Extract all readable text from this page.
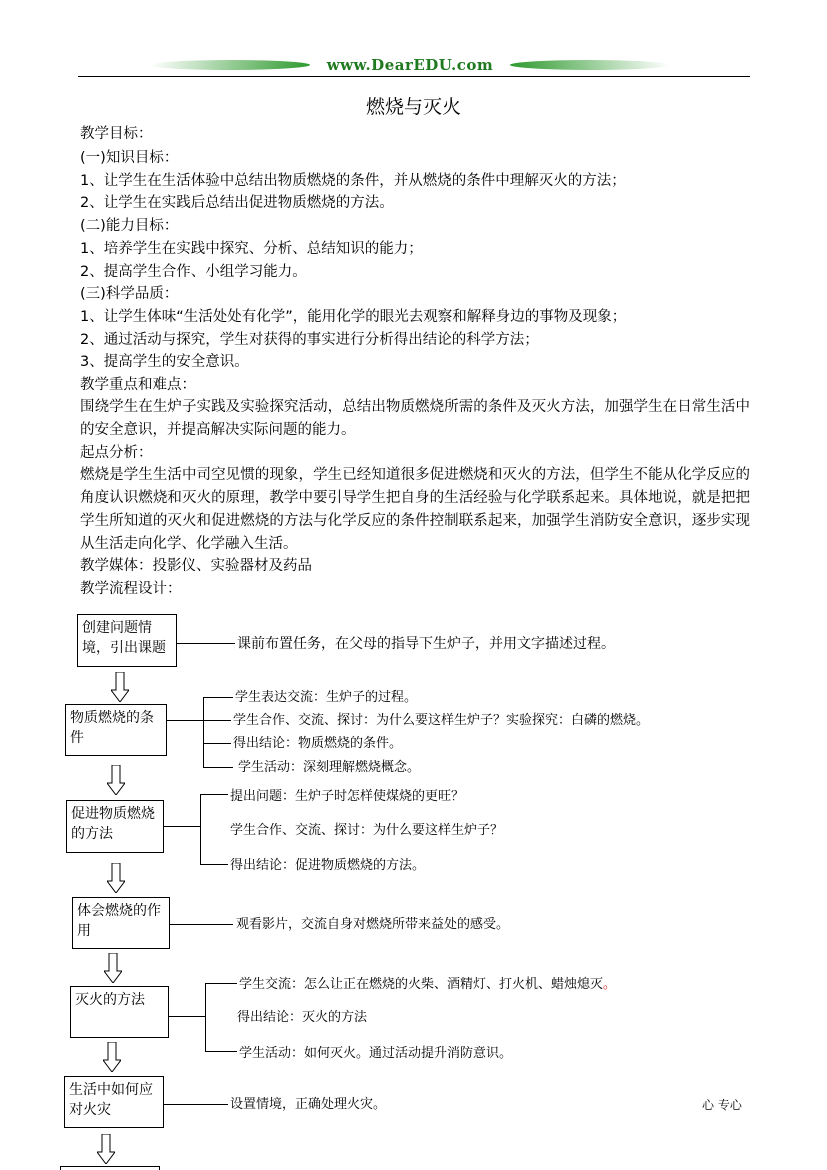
www.DearEDU.com
燃烧与灭火
教学目标：
(一)知识目标：
1、让学生在生活体验中总结出物质燃烧的条件，并从燃烧的条件中理解灭火的方法；
2、让学生在实践后总结出促进物质燃烧的方法。
(二)能力目标：
1、培养学生在实践中探究、分析、总结知识的能力；
2、提高学生合作、小组学习能力。
(三)科学品质：
1、让学生体味“生活处处有化学”，能用化学的眼光去观察和解释身边的事物及现象；
2、通过活动与探究，学生对获得的事实进行分析得出结论的科学方法；
3、提高学生的安全意识。
教学重点和难点：
围绕学生在生炉子实践及实验探究活动，总结出物质燃烧所需的条件及灭火方法，加强学生在日常生活中的安全意识，并提高解决实际问题的能力。
起点分析：
燃烧是学生生活中司空见惯的现象，学生已经知道很多促进燃烧和灭火的方法，但学生不能从化学反应的角度认识燃烧和灭火的原理，教学中要引导学生把自身的生活经验与化学联系起来。具体地说，就是把把学生所知道的灭火和促进燃烧的方法与化学反应的条件控制联系起来，加强学生消防安全意识，逐步实现从生活走向化学、化学融入生活。
教学媒体：投影仪、实验器材及药品
教学流程设计：
创建问题情境，引出课题	课前布置任务，在父母的指导下生炉子，并用文字描述过程。
物质燃烧的条件
学生表达交流：生炉子的过程。
学生合作、交流、探讨：为什么要这样生炉子？实验探究：白磷的燃烧。
得出结论：物质燃烧的条件。
学生活动：深刻理解燃烧概念。
促进物质燃烧的方法
提出问题：生炉子时怎样使煤烧的更旺？
学生合作、交流、探讨：为什么要这样生炉子？
得出结论：促进物质燃烧的方法。
体会燃烧的作用	观看影片，交流自身对燃烧所带来益处的感受。
灭火的方法
学生交流：怎么让正在燃烧的火柴、酒精灯、打火机、蜡烛熄灭。
得出结论：灭火的方法
学生活动：如何灭火。通过活动提升消防意识。
生活中如何应对火灾	设置情境，正确处理火灾。	心 专心
